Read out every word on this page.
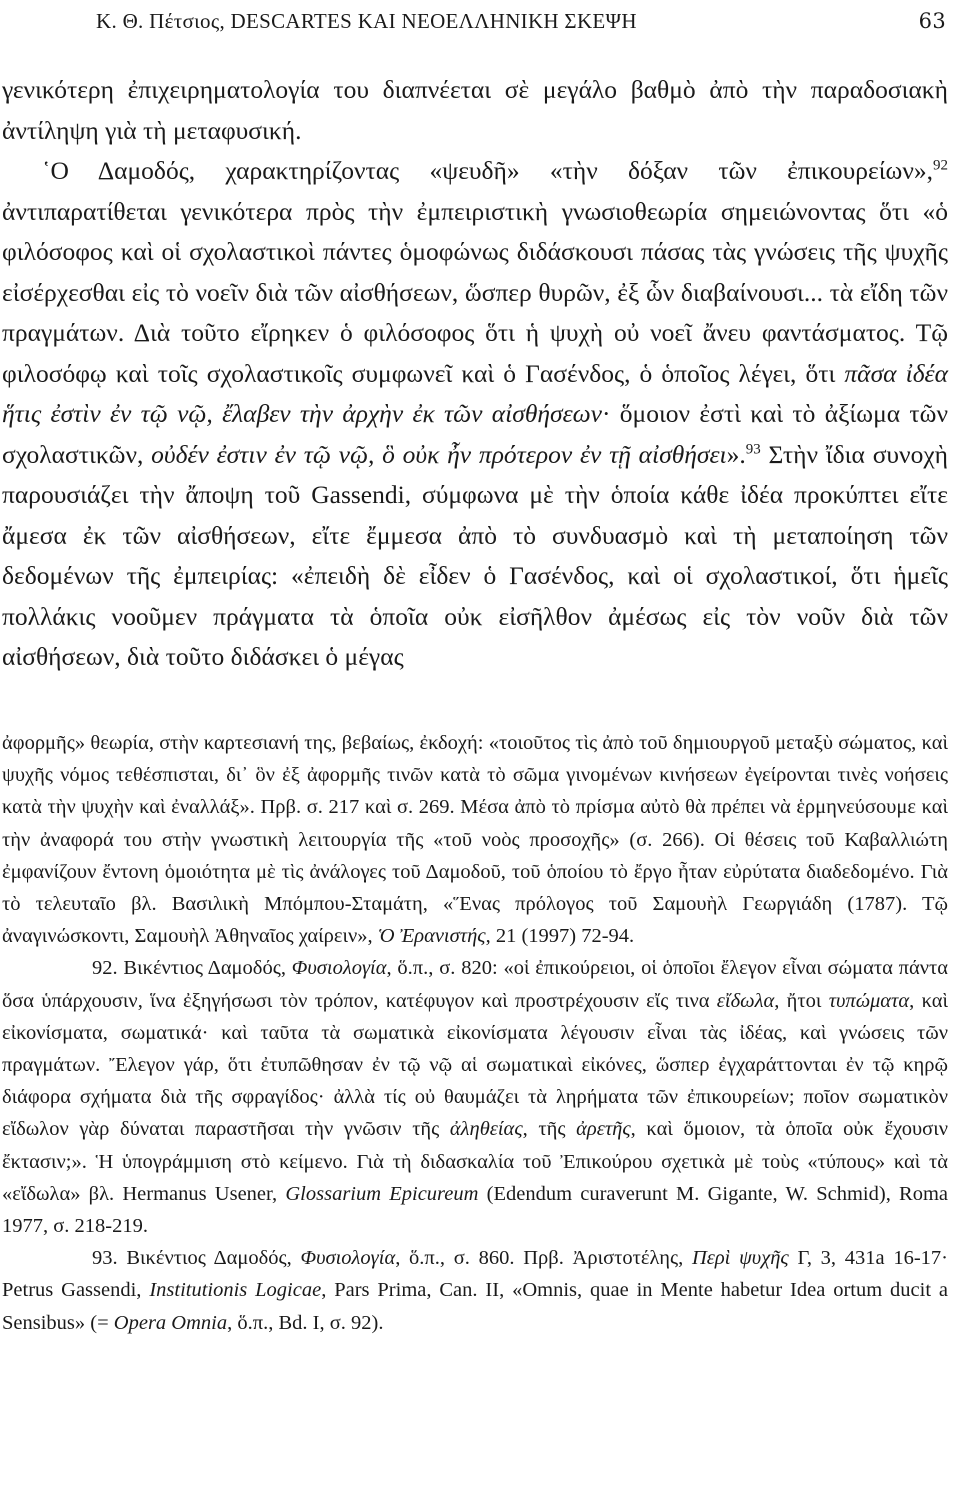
Κ. Θ. Πέτσιος, DESCARTES ΚΑΙ ΝΕΟΕΛΛΗΝΙΚΗ ΣΚΕΨΗ	63

γενικότερη ἐπιχειρηματολογία του διαπνέεται σὲ μεγάλο βαθμὸ ἀπὸ τὴν παραδοσιακὴ ἀντίληψη γιὰ τὴ μεταφυσική.

῾Ο Δαμοδός, χαρακτηρίζοντας «ψευδῆ» «τὴν δόξαν τῶν ἐπικουρείων»,$^{92}$ ἀντιπαρατίθεται γενικότερα πρὸς τὴν ἐμπειριστικὴ γνωσιοθεωρία σημειώνοντας ὅτι «ὁ φιλόσοφος καὶ οἱ σχολαστικοὶ πάντες ὁμοφώνως διδάσκουσι πάσας τὰς γνώσεις τῆς ψυχῆς εἰσέρχεσθαι εἰς τὸ νοεῖν διὰ τῶν αἰσθήσεων, ὥσπερ θυρῶν, ἐξ ὧν διαβαίνουσι... τὰ εἴδη τῶν πραγμάτων. Διὰ τοῦτο εἴρηκεν ὁ φιλόσοφος ὅτι ἡ ψυχὴ οὐ νοεῖ ἄνευ φαντάσματος. Τῷ φιλοσόφῳ καὶ τοῖς σχολαστικοῖς συμφωνεῖ καὶ ὁ Γασένδος, ὁ ὁποῖος λέγει, ὅτι πᾶσα ἰδέα ἥτις ἐστὶν ἐν τῷ νῷ, ἔλαβεν τὴν ἀρχὴν ἐκ τῶν αἰσθήσεων· ὅμοιον ἐστὶ καὶ τὸ ἀξίωμα τῶν σχολαστικῶν, οὐδέν ἐστιν ἐν τῷ νῷ, ὃ οὐκ ἦν πρότερον ἐν τῇ αἰσθήσει».$^{93}$ Στὴν ἴδια συνοχὴ παρουσιάζει τὴν ἄποψη τοῦ Gassendi, σύμφωνα μὲ τὴν ὁποία κάθε ἰδέα προκύπτει εἴτε ἄμεσα ἐκ τῶν αἰσθήσεων, εἴτε ἔμμεσα ἀπὸ τὸ συνδυασμὸ καὶ τὴ μεταποίηση τῶν δεδομένων τῆς ἐμπειρίας: «ἐπειδὴ δὲ εἶδεν ὁ Γασένδος, καὶ οἱ σχολαστικοί, ὅτι ἡμεῖς πολλάκις νοοῦμεν πράγματα τὰ ὁποῖα οὐκ εἰσῆλθον ἀμέσως εἰς τὸν νοῦν διὰ τῶν αἰσθήσεων, διὰ τοῦτο διδάσκει ὁ μέγας

ἀφορμῆς» θεωρία, στὴν καρτεσιανή της, βεβαίως, ἐκδοχή: «τοιοῦτος τὶς ἀπὸ τοῦ δημιουργοῦ μεταξὺ σώματος, καὶ ψυχῆς νόμος τεθέσπισται, δι᾽ ὃν ἐξ ἀφορμῆς τινῶν κατὰ τὸ σῶμα γινομένων κινήσεων ἐγείρονται τινὲς νοήσεις κατὰ τὴν ψυχὴν καὶ ἐναλλάξ». Πρβ. σ. 217 καὶ σ. 269. Μέσα ἀπὸ τὸ πρίσμα αὐτὸ θὰ πρέπει νὰ ἑρμηνεύσουμε καὶ τὴν ἀναφορά του στὴν γνωστικὴ λειτουργία τῆς «τοῦ νοὸς προσοχῆς» (σ. 266). Οἱ θέσεις τοῦ Καβαλλιώτη ἐμφανίζουν ἔντονη ὁμοιότητα μὲ τὶς ἀνάλογες τοῦ Δαμοδοῦ, τοῦ ὁποίου τὸ ἔργο ἦταν εὐρύτατα διαδεδομένο. Γιὰ τὸ τελευταῖο βλ. Βασιλικὴ Μπόμπου-Σταμάτη, «Ἕνας πρόλογος τοῦ Σαμουὴλ Γεωργιάδη (1787). Τῷ ἀναγινώσκοντι, Σαμουὴλ Ἀθηναῖος χαίρειν», Ὁ Ἐρανιστής, 21 (1997) 72-94.

92. Βικέντιος Δαμοδός, Φυσιολογία, ὅ.π., σ. 820: «οἱ ἐπικούρειοι, οἱ ὁποῖοι ἔλεγον εἶναι σώματα πάντα ὅσα ὑπάρχουσιν, ἵνα ἐξηγήσωσι τὸν τρόπον, κατέφυγον καὶ προστρέχουσιν εἴς τινα εἴδωλα, ἤτοι τυπώματα, καὶ εἰκονίσματα, σωματικά· καὶ ταῦτα τὰ σωματικὰ εἰκονίσματα λέγουσιν εἶναι τὰς ἰδέας, καὶ γνώσεις τῶν πραγμάτων. Ἔλεγον γάρ, ὅτι ἐτυπῶθησαν ἐν τῷ νῷ αἱ σωματικαὶ εἰκόνες, ὥσπερ ἐγχαράττονται ἐν τῷ κηρῷ διάφορα σχήματα διὰ τῆς σφραγίδος· ἀλλὰ τίς οὐ θαυμάζει τὰ ληρήματα τῶν ἐπικουρείων; ποῖον σωματικὸν εἴδωλον γὰρ δύναται παραστῆσαι τὴν γνῶσιν τῆς ἀληθείας, τῆς ἀρετῆς, καὶ ὅμοιον, τὰ ὁποῖα οὐκ ἔχουσιν ἔκτασιν;». Ἡ ὑπογράμμιση στὸ κείμενο. Γιὰ τὴ διδασκαλία τοῦ Ἐπικούρου σχετικὰ μὲ τοὺς «τύπους» καὶ τὰ «εἴδωλα» βλ. Hermanus Usener, Glossarium Epicureum (Edendum curaverunt M. Gigante, W. Schmid), Roma 1977, σ. 218-219.

93. Βικέντιος Δαμοδός, Φυσιολογία, ὅ.π., σ. 860. Πρβ. Ἀριστοτέλης, Περὶ ψυχῆς Γ, 3, 431a 16-17· Petrus Gassendi, Institutionis Logicae, Pars Prima, Can. II, «Omnis, quae in Mente habetur Idea ortum ducit a Sensibus» (= Opera Omnia, ὅ.π., Bd. I, σ. 92).
